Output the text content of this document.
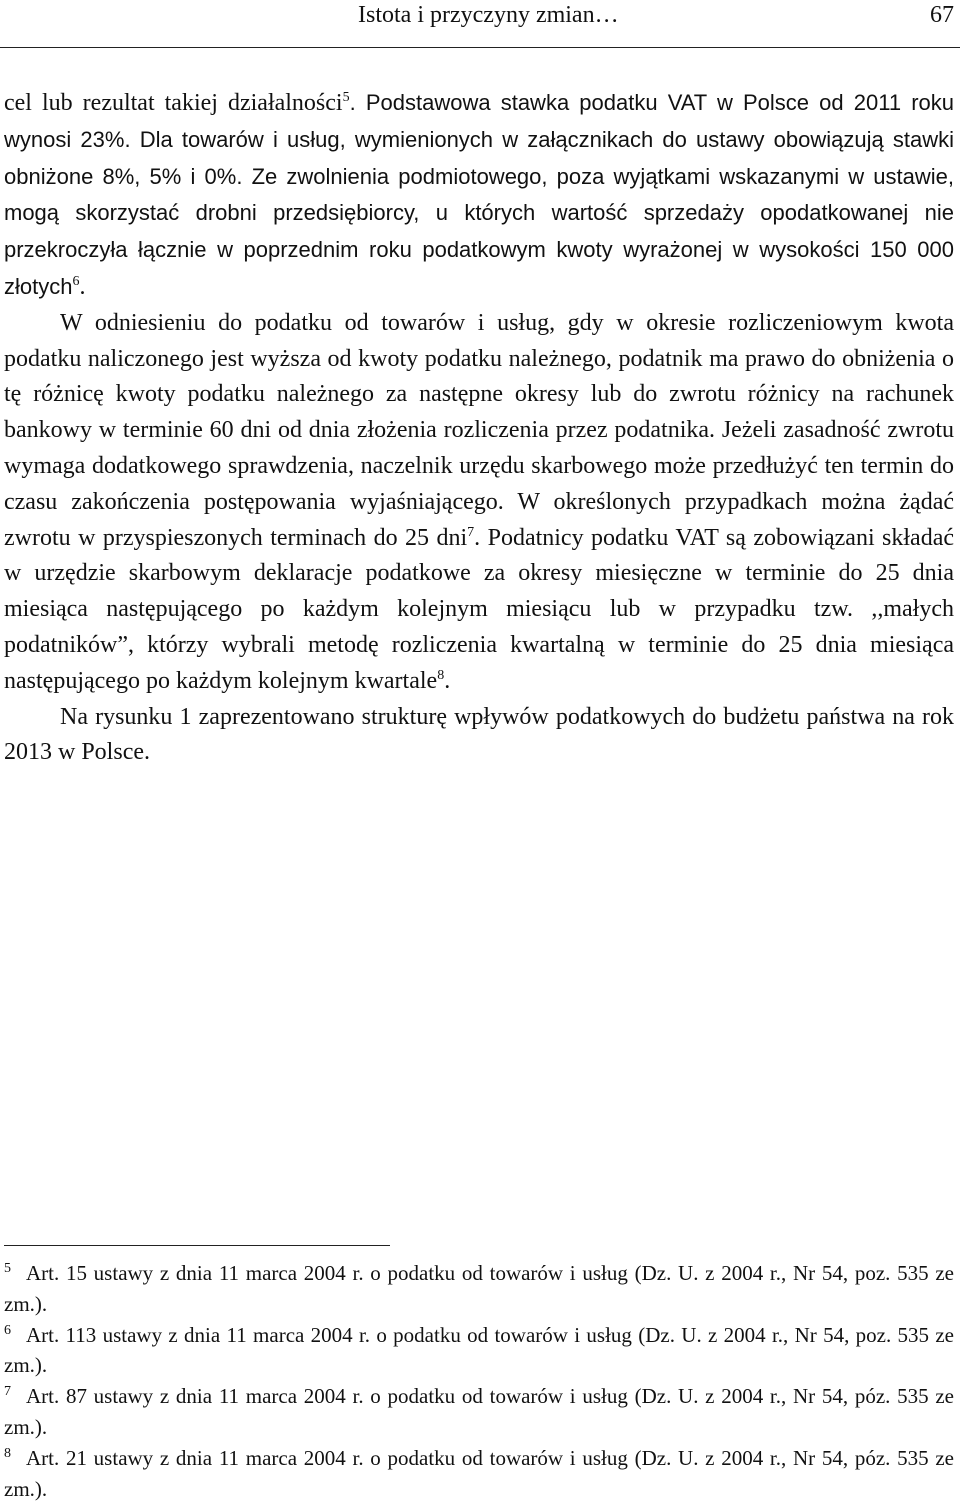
Istota i przyczyny zmian…	67

cel lub rezultat takiej działalności$^5$. Podstawowa stawka podatku VAT w Polsce od 2011 roku wynosi 23%. Dla towarów i usług, wymienionych w załącznikach do ustawy obowiązują stawki obniżone 8%, 5% i 0%. Ze zwolnienia podmiotowego, poza wyjątkami wskazanymi w ustawie, mogą skorzystać drobni przedsiębiorcy, u których wartość sprzedaży opodatkowanej nie przekroczyła łącznie w poprzednim roku podatkowym kwoty wyrażonej w wysokości 150 000 złotych$^6$.

W odniesieniu do podatku od towarów i usług, gdy w okresie rozliczeniowym kwota podatku naliczonego jest wyższa od kwoty podatku należnego, podatnik ma prawo do obniżenia o tę różnicę kwoty podatku należnego za następne okresy lub do zwrotu różnicy na rachunek bankowy w terminie 60 dni od dnia złożenia rozliczenia przez podatnika. Jeżeli zasadność zwrotu wymaga dodatkowego sprawdzenia, naczelnik urzędu skarbowego może przedłużyć ten termin do czasu zakończenia postępowania wyjaśniającego. W określonych przypadkach można żądać zwrotu w przyspieszonych terminach do 25 dni$^7$. Podatnicy podatku VAT są zobowiązani składać w urzędzie skarbowym deklaracje podatkowe za okresy miesięczne w terminie do 25 dnia miesiąca następującego po każdym kolejnym miesiącu lub w przypadku tzw. ,,małych podatników”, którzy wybrali metodę rozliczenia kwartalną w terminie do 25 dnia miesiąca następującego po każdym kolejnym kwartale$^8$.

Na rysunku 1 zaprezentowano strukturę wpływów podatkowych do budżetu państwa na rok 2013 w Polsce.

5 Art. 15 ustawy z dnia 11 marca 2004 r. o podatku od towarów i usług (Dz. U. z 2004 r., Nr 54, poz. 535 ze zm.).

6 Art. 113 ustawy z dnia 11 marca 2004 r. o podatku od towarów i usług (Dz. U. z 2004 r., Nr 54, poz. 535 ze zm.).

7 Art. 87 ustawy z dnia 11 marca 2004 r. o podatku od towarów i usług (Dz. U. z 2004 r., Nr 54, póz. 535 ze zm.).

8 Art. 21 ustawy z dnia 11 marca 2004 r. o podatku od towarów i usług (Dz. U. z 2004 r., Nr 54, póz. 535 ze zm.).
